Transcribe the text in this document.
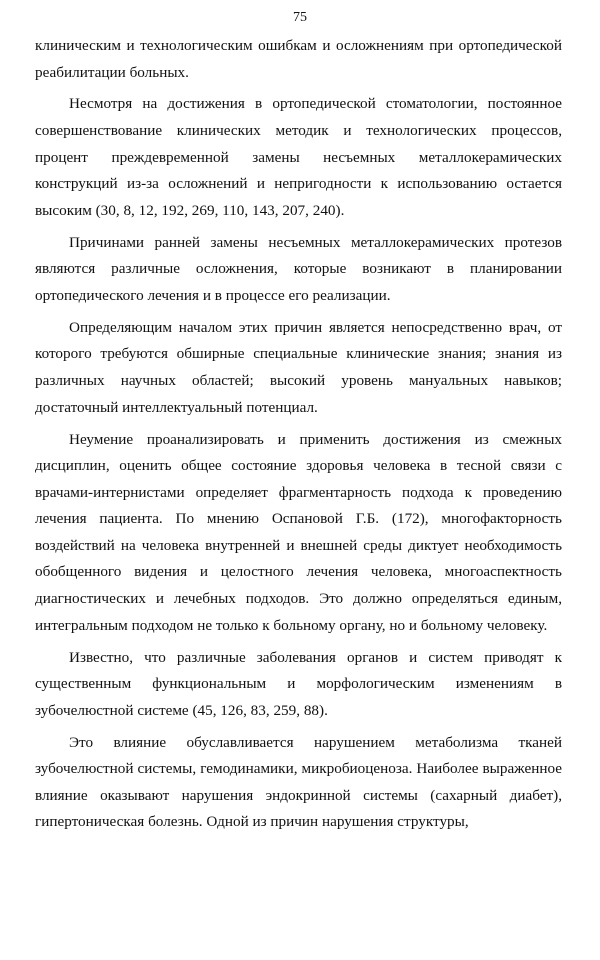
75

клиническим и технологическим ошибкам и осложнениям при ортопедической реабилитации больных.

Несмотря на достижения в ортопедической стоматологии, постоянное совершенствование клинических методик и технологических процессов, процент преждевременной замены несъемных металлокерамических конструкций из-за осложнений и непригодности к использованию остается высоким (30, 8, 12, 192, 269, 110, 143, 207, 240).

Причинами ранней замены несъемных металлокерамических протезов являются различные осложнения, которые возникают в планировании ортопедического лечения и в процессе его реализации.

Определяющим началом этих причин является непосредственно врач, от которого требуются обширные специальные клинические знания; знания из различных научных областей; высокий уровень мануальных навыков; достаточный интеллектуальный потенциал.

Неумение проанализировать и применить достижения из смежных дисциплин, оценить общее состояние здоровья человека в тесной связи с врачами-интернистами определяет фрагментарность подхода к проведению лечения пациента. По мнению Оспановой Г.Б. (172), многофакторность воздействий на человека внутренней и внешней среды диктует необходимость обобщенного видения и целостного лечения человека, многоаспектность диагностических и лечебных подходов. Это должно определяться единым, интегральным подходом не только к больному органу, но и больному человеку.

Известно, что различные заболевания органов и систем приводят к существенным функциональным и морфологическим изменениям в зубочелюстной системе (45, 126, 83, 259, 88).

Это влияние обуславливается нарушением метаболизма тканей зубочелюстной системы, гемодинамики, микробиоценоза. Наиболее выраженное влияние оказывают нарушения эндокринной системы (сахарный диабет), гипертоническая болезнь. Одной из причин нарушения структуры,
